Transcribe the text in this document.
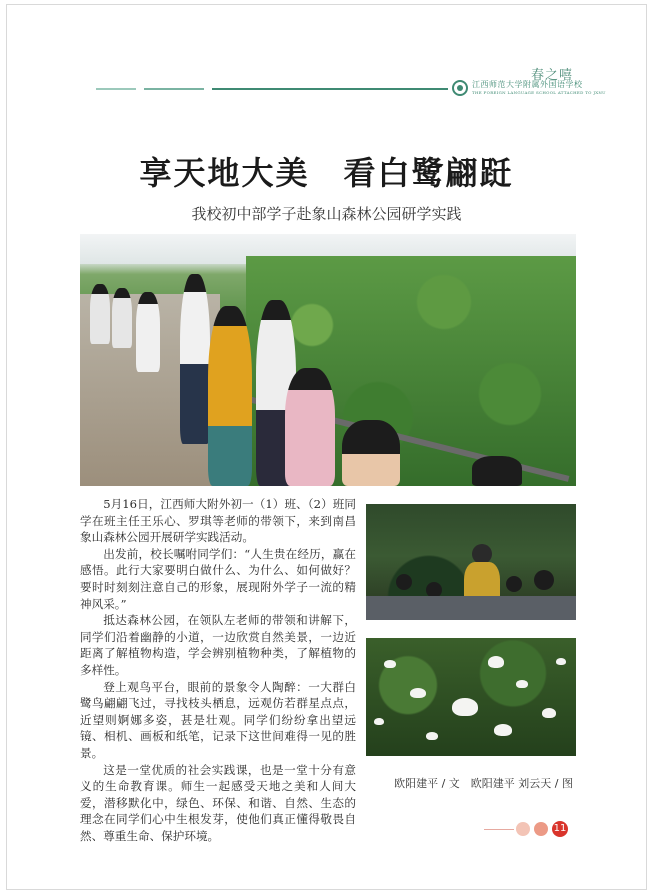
春之嘻
江西师范大学附属外国语学校
THE FOREIGN LANGUAGE SCHOOL ATTACHED TO JXNU
享天地大美　看白鹭翩跹
我校初中部学子赴象山森林公园研学实践

5月16日，江西师大附外初一（1）班、（2）班同学在班主任王乐心、罗琪等老师的带领下，来到南昌象山森林公园开展研学实践活动。

出发前，校长嘱咐同学们：“人生贵在经历，赢在感悟。此行大家要明白做什么、为什么、如何做好？要时时刻刻注意自己的形象，展现附外学子一流的精神风采。”

抵达森林公园，在领队左老师的带领和讲解下，同学们沿着幽静的小道，一边欣赏自然美景，一边近距离了解植物构造，学会辨别植物种类，了解植物的多样性。

登上观鸟平台，眼前的景象令人陶醉：一大群白鹭鸟翩翩飞过，寻找枝头栖息，远观仿若群星点点，近望则婀娜多姿，甚是壮观。同学们纷纷拿出望远镜、相机、画板和纸笔，记录下这世间难得一见的胜景。

这是一堂优质的社会实践课，也是一堂十分有意义的生命教育课。师生一起感受天地之美和人间大爱，潜移默化中，绿色、环保、和谐、自然、生态的理念在同学们心中生根发芽，使他们真正懂得敬畏自然、尊重生命、保护环境。

欧阳建平 / 文　欧阳建平 刘云天 / 图
11
